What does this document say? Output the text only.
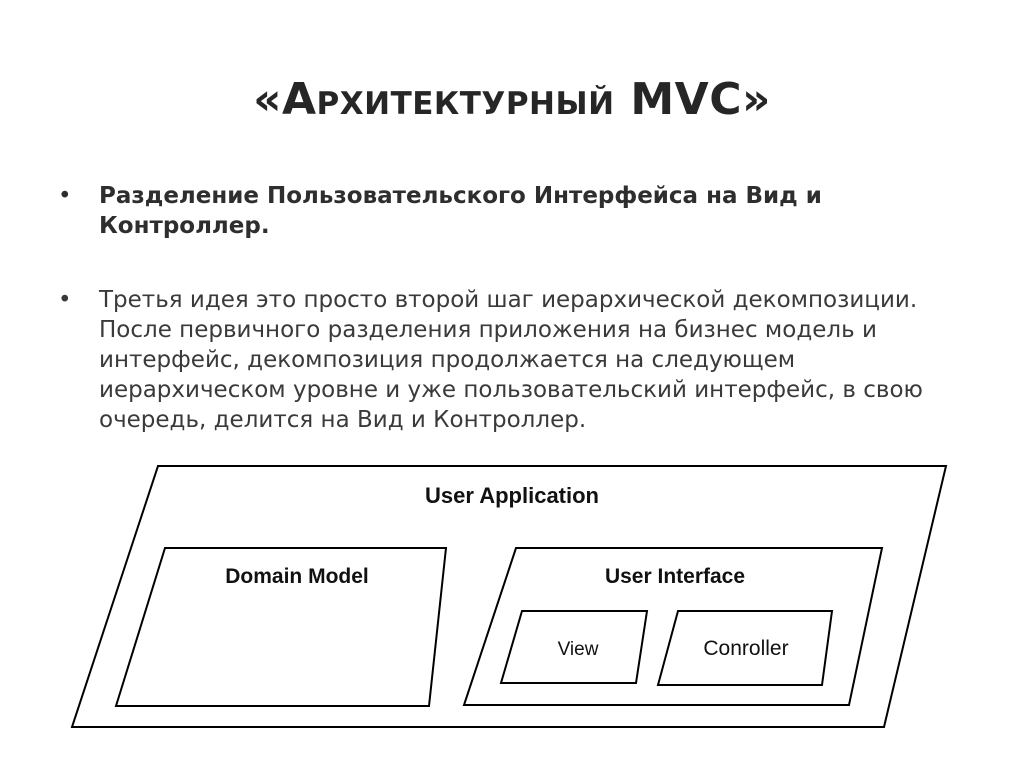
«Архитектурный MVC»
• Разделение Пользовательского Интерфейса на Вид и Контроллер.
• Третья идея это просто второй шаг иерархической декомпозиции. После первичного разделения приложения на бизнес модель и интерфейс, декомпозиция продолжается на следующем иерархическом уровне и уже пользовательский интерфейс, в свою очередь, делится на Вид и Контроллер.
User Application
Domain Model	User Interface
View	Conroller
